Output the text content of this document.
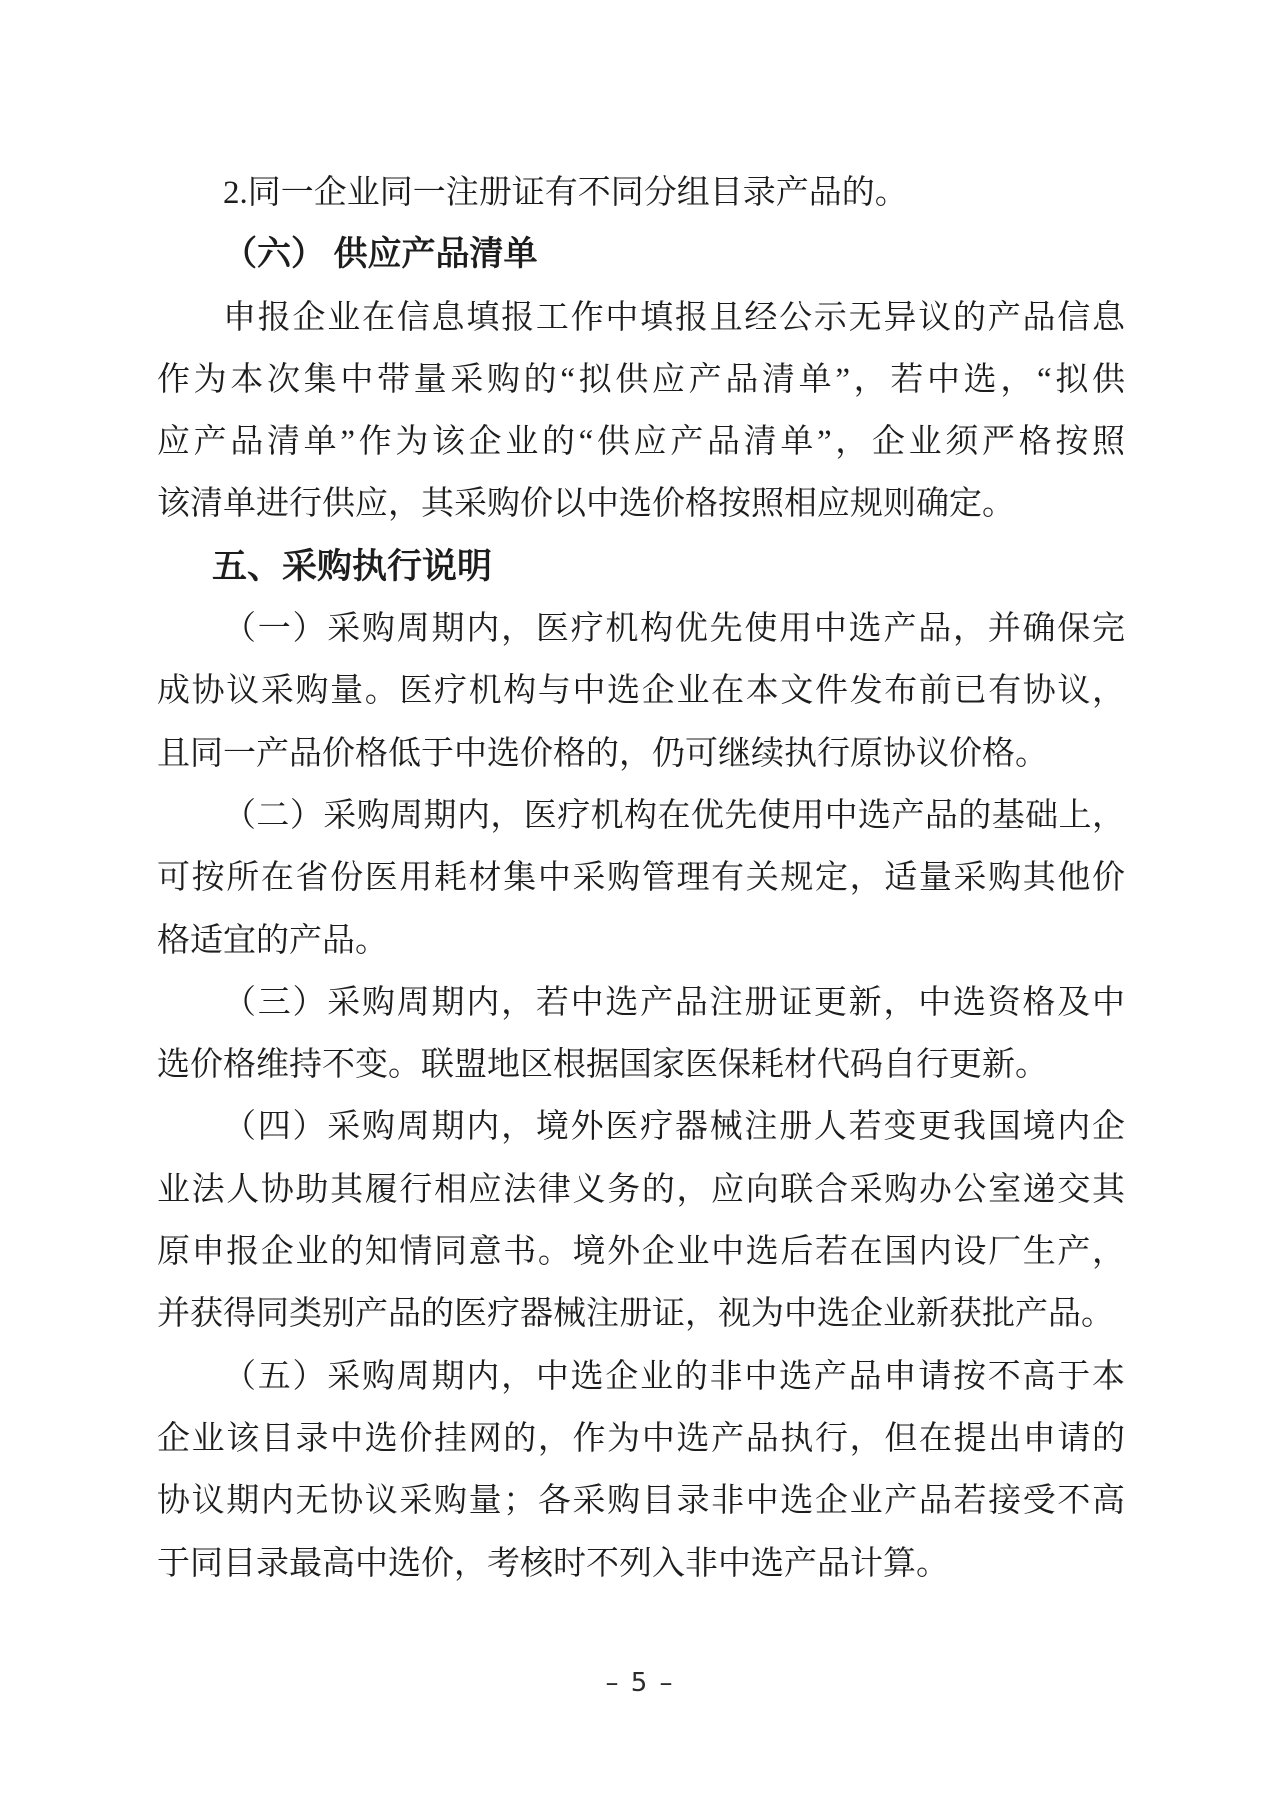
2.同一企业同一注册证有不同分组目录产品的。
（六） 供应产品清单
申报企业在信息填报工作中填报且经公示无异议的产品信息
作为本次集中带量采购的“拟供应产品清单”，若中选，“拟供
应产品清单”作为该企业的“供应产品清单”，企业须严格按照
该清单进行供应，其采购价以中选价格按照相应规则确定。
五、采购执行说明
（一）采购周期内，医疗机构优先使用中选产品，并确保完
成协议采购量。医疗机构与中选企业在本文件发布前已有协议，
且同一产品价格低于中选价格的，仍可继续执行原协议价格。
（二）采购周期内，医疗机构在优先使用中选产品的基础上，
可按所在省份医用耗材集中采购管理有关规定，适量采购其他价
格适宜的产品。
（三）采购周期内，若中选产品注册证更新，中选资格及中
选价格维持不变。联盟地区根据国家医保耗材代码自行更新。
（四）采购周期内，境外医疗器械注册人若变更我国境内企
业法人协助其履行相应法律义务的，应向联合采购办公室递交其
原申报企业的知情同意书。境外企业中选后若在国内设厂生产，
并获得同类别产品的医疗器械注册证，视为中选企业新获批产品。
（五）采购周期内，中选企业的非中选产品申请按不高于本
企业该目录中选价挂网的，作为中选产品执行，但在提出申请的
协议期内无协议采购量；各采购目录非中选企业产品若接受不高
于同目录最高中选价，考核时不列入非中选产品计算。
– 5 –
